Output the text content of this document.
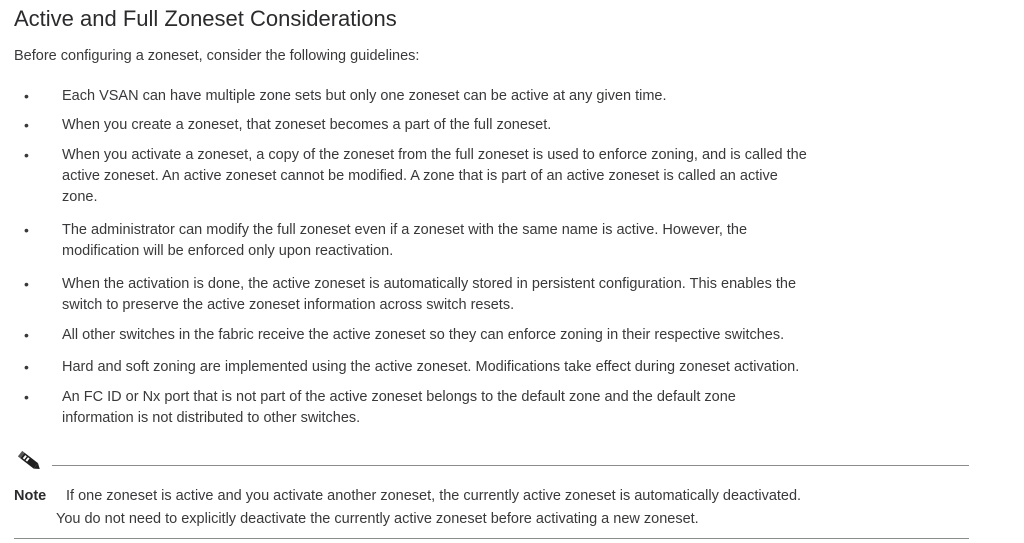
Active and Full Zoneset Considerations

Before configuring a zoneset, consider the following guidelines:

• Each VSAN can have multiple zone sets but only one zoneset can be active at any given time.
• When you create a zoneset, that zoneset becomes a part of the full zoneset.
• When you activate a zoneset, a copy of the zoneset from the full zoneset is used to enforce zoning, and is called the
active zoneset. An active zoneset cannot be modified. A zone that is part of an active zoneset is called an active
zone.
• The administrator can modify the full zoneset even if a zoneset with the same name is active. However, the
modification will be enforced only upon reactivation.
• When the activation is done, the active zoneset is automatically stored in persistent configuration. This enables the
switch to preserve the active zoneset information across switch resets.
• All other switches in the fabric receive the active zoneset so they can enforce zoning in their respective switches.
• Hard and soft zoning are implemented using the active zoneset. Modifications take effect during zoneset activation.
• An FC ID or Nx port that is not part of the active zoneset belongs to the default zone and the default zone
information is not distributed to other switches.
Note If one zoneset is active and you activate another zoneset, the currently active zoneset is automatically deactivated.
You do not need to explicitly deactivate the currently active zoneset before activating a new zoneset.
